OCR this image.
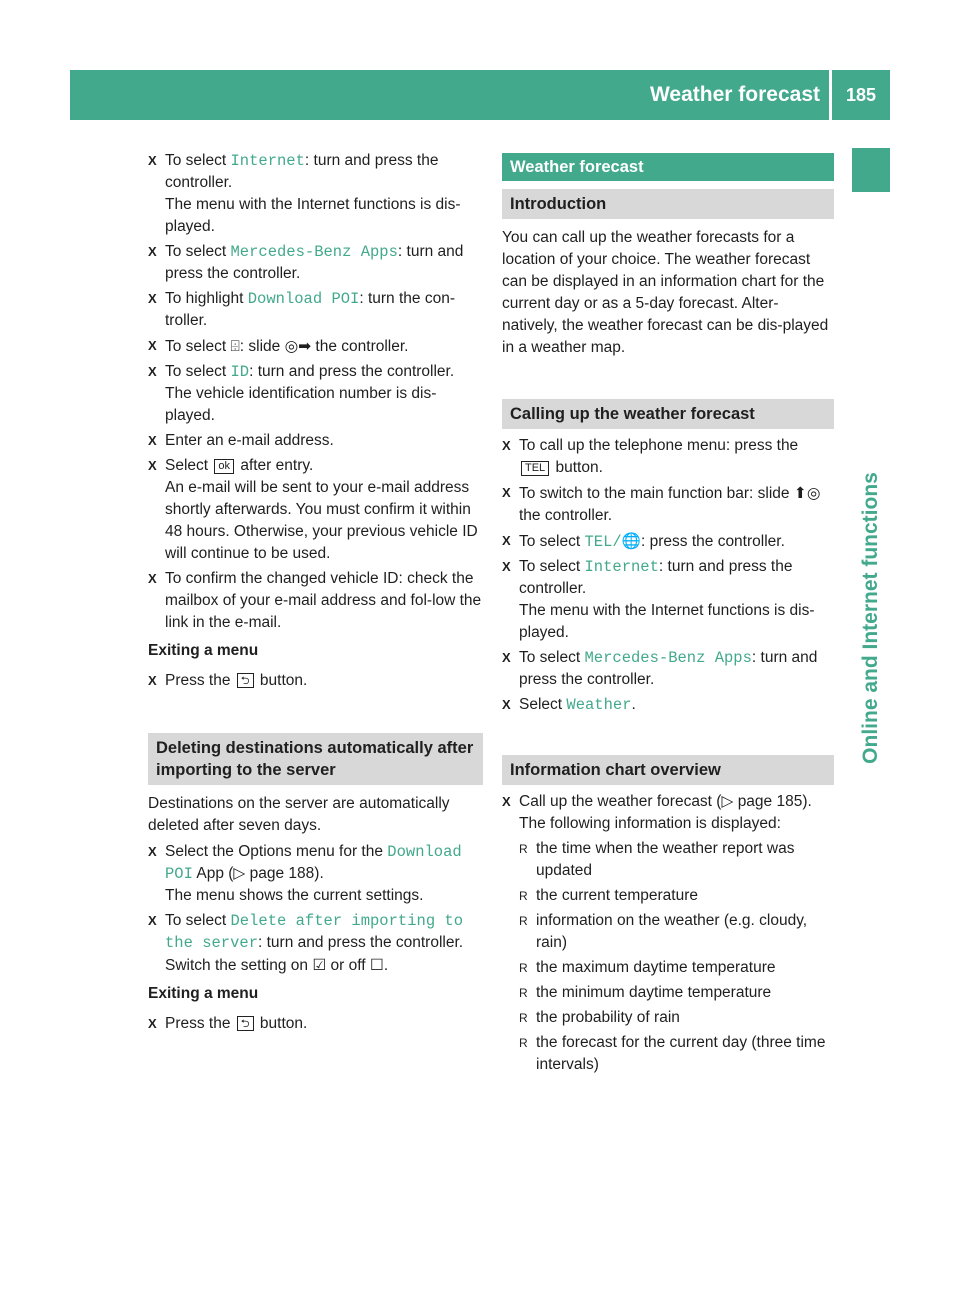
Weather forecast	185
Online and Internet functions
X To select Internet: turn and press the controller.
The menu with the Internet functions is dis-played.
X To select Mercedes-Benz Apps: turn and press the controller.
X To highlight Download POI: turn the con-troller.
X To select ⌹: slide ◎➡ the controller.
X To select ID: turn and press the controller.
The vehicle identification number is dis-played.
X Enter an e-mail address.
X Select ok after entry.
An e-mail will be sent to your e-mail address shortly afterwards. You must confirm it within 48 hours. Otherwise, your previous vehicle ID will continue to be used.
X To confirm the changed vehicle ID: check the mailbox of your e-mail address and fol-low the link in the e-mail.
Exiting a menu
X Press the ⮌ button.
Deleting destinations automatically after importing to the server

Destinations on the server are automatically deleted after seven days.

X Select the Options menu for the Download POI App (▷ page 188).
The menu shows the current settings.
X To select Delete after importing to the server: turn and press the controller.
Switch the setting on ☑ or off ☐.
Exiting a menu
X Press the ⮌ button.
Weather forecast
Introduction

You can call up the weather forecasts for a location of your choice. The weather forecast can be displayed in an information chart for the current day or as a 5-day forecast. Alter-natively, the weather forecast can be dis-played in a weather map.

Calling up the weather forecast
X To call up the telephone menu: press the TEL button.
X To switch to the main function bar: slide ⬆◎ the controller.
X To select TEL/🌐: press the controller.
X To select Internet: turn and press the controller.
The menu with the Internet functions is dis-played.
X To select Mercedes-Benz Apps: turn and press the controller.
X Select Weather.
Information chart overview
X Call up the weather forecast (▷ page 185).
The following information is displayed:
R the time when the weather report was updated
R the current temperature
R information on the weather (e.g. cloudy, rain)
R the maximum daytime temperature
R the minimum daytime temperature
R the probability of rain
R the forecast for the current day (three time intervals)
